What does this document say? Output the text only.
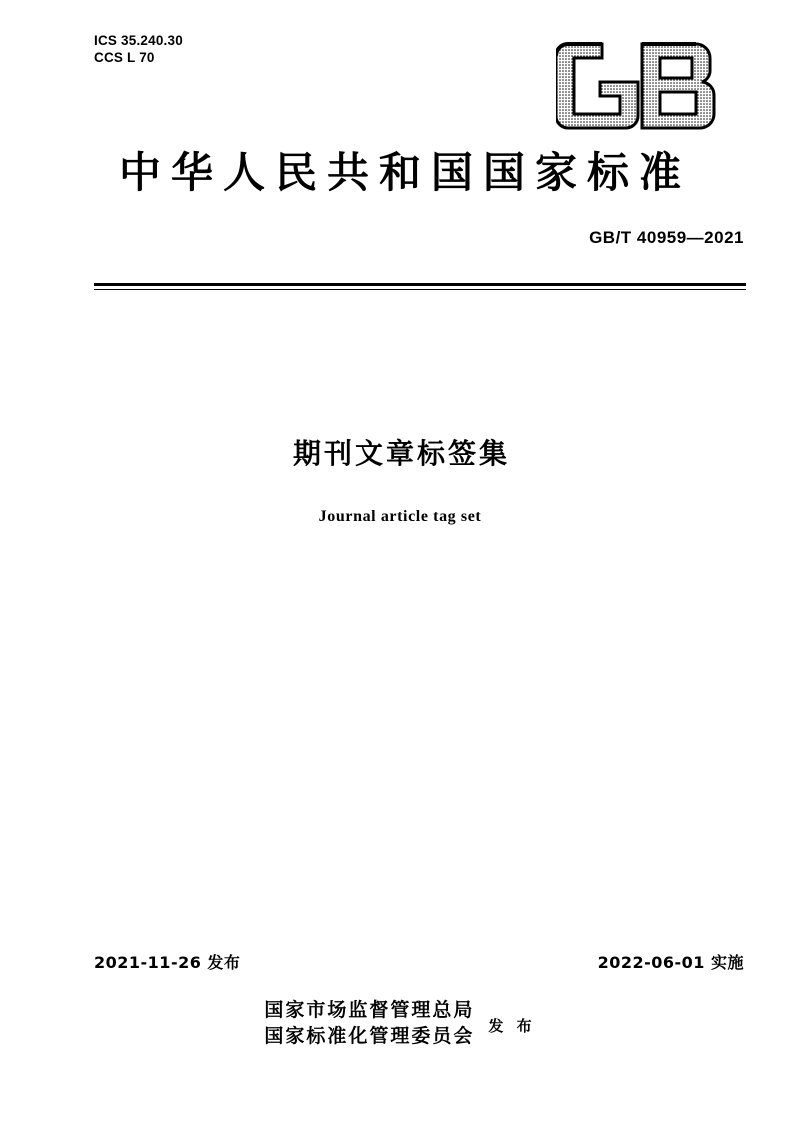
ICS 35.240.30
CCS L 70
中华人民共和国国家标准
GB/T 40959—2021
期刊文章标签集
Journal article tag set
2021-11-26 发布	2022-06-01 实施
国家市场监督管理总局
国家标准化管理委员会 发 布
